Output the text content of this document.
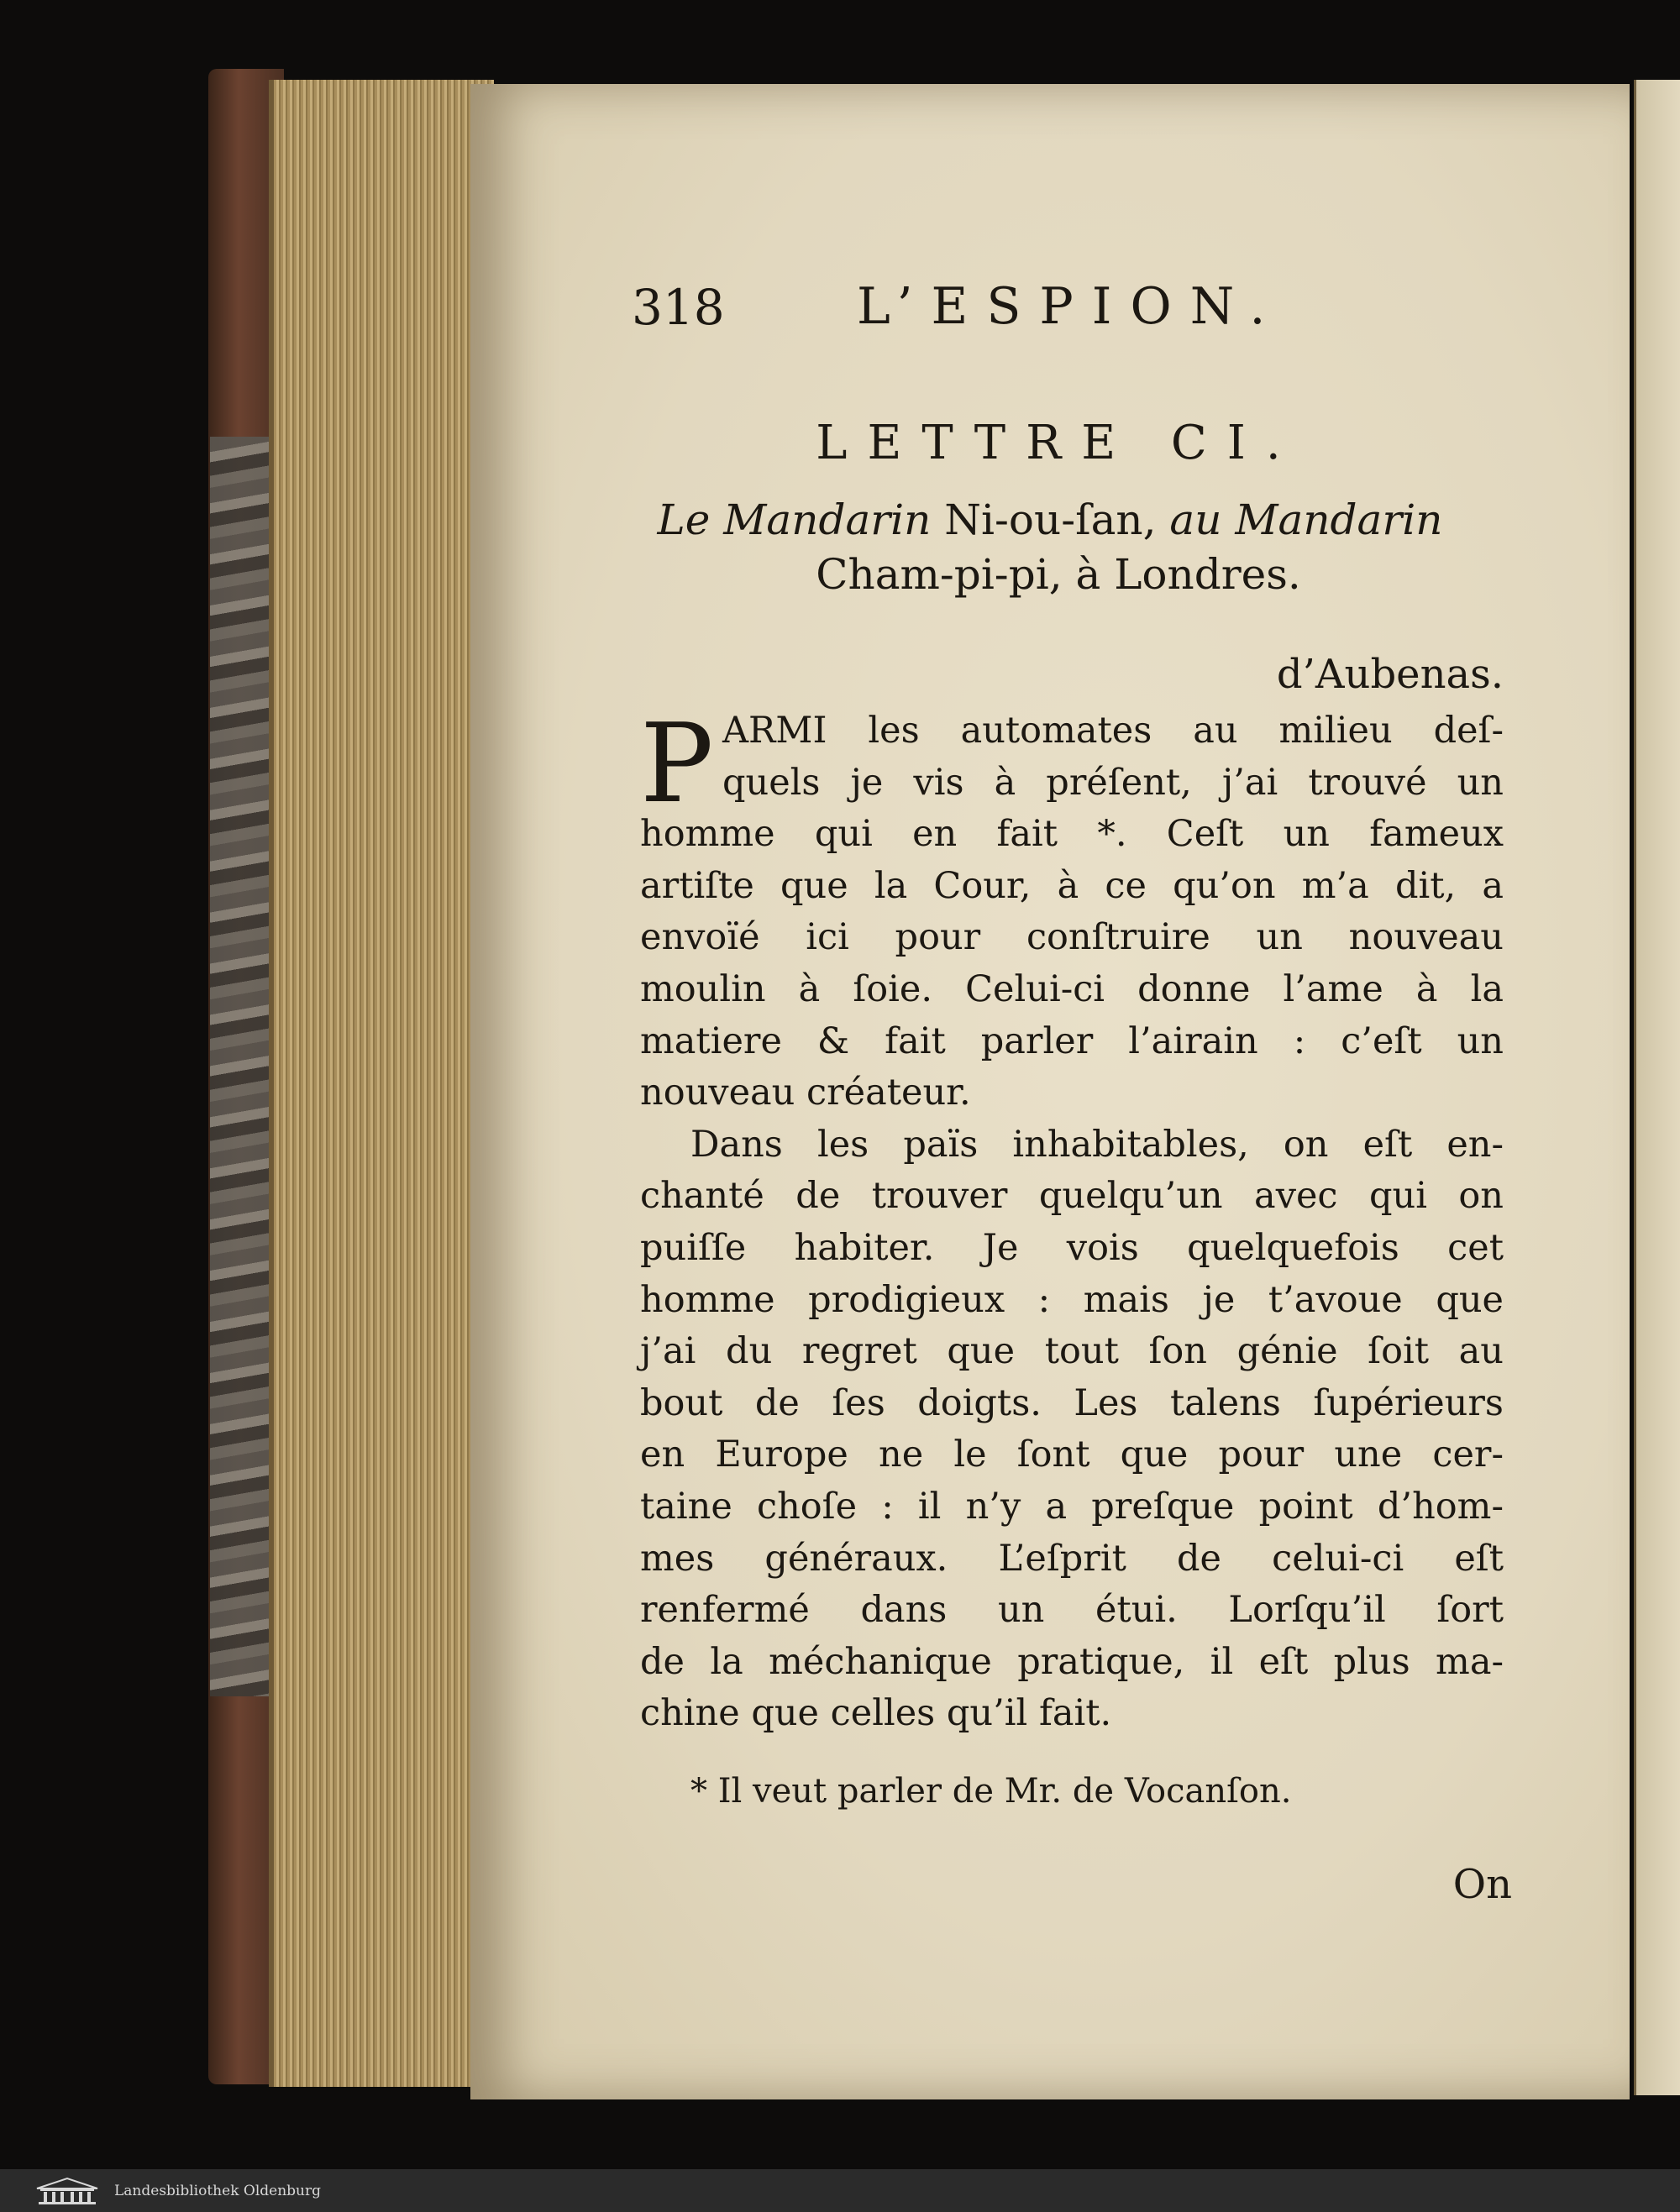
318	L’ESPION.
LETTRE CI.
Le Mandarin Ni-ou-ſan, au Mandarin
Cham-pi-pi, à Londres.
d’Aubenas.
P ARMI les automates au milieu deſ-
quels je vis à préſent, j’ai trouvé un
homme qui en fait *. Ceſt un fameux
artiſte que la Cour, à ce qu’on m’a dit, a
envoïé ici pour conſtruire un nouveau
moulin à ſoie. Celui-ci donne l’ame à la
matiere & fait parler l’airain : c’eſt un
nouveau créateur.
Dans les païs inhabitables, on eſt en-
chanté de trouver quelqu’un avec qui on
puiſſe habiter. Je vois quelquefois cet
homme prodigieux : mais je t’avoue que
j’ai du regret que tout ſon génie ſoit au
bout de ſes doigts. Les talens ſupérieurs
en Europe ne le ſont que pour une cer-
taine choſe : il n’y a preſque point d’hom-
mes généraux. L’eſprit de celui-ci eſt
renfermé dans un étui. Lorſqu’il ſort
de la méchanique pratique, il eſt plus ma-
chine que celles qu’il fait.
* Il veut parler de Mr. de Vocanſon.
On
Landesbibliothek Oldenburg
